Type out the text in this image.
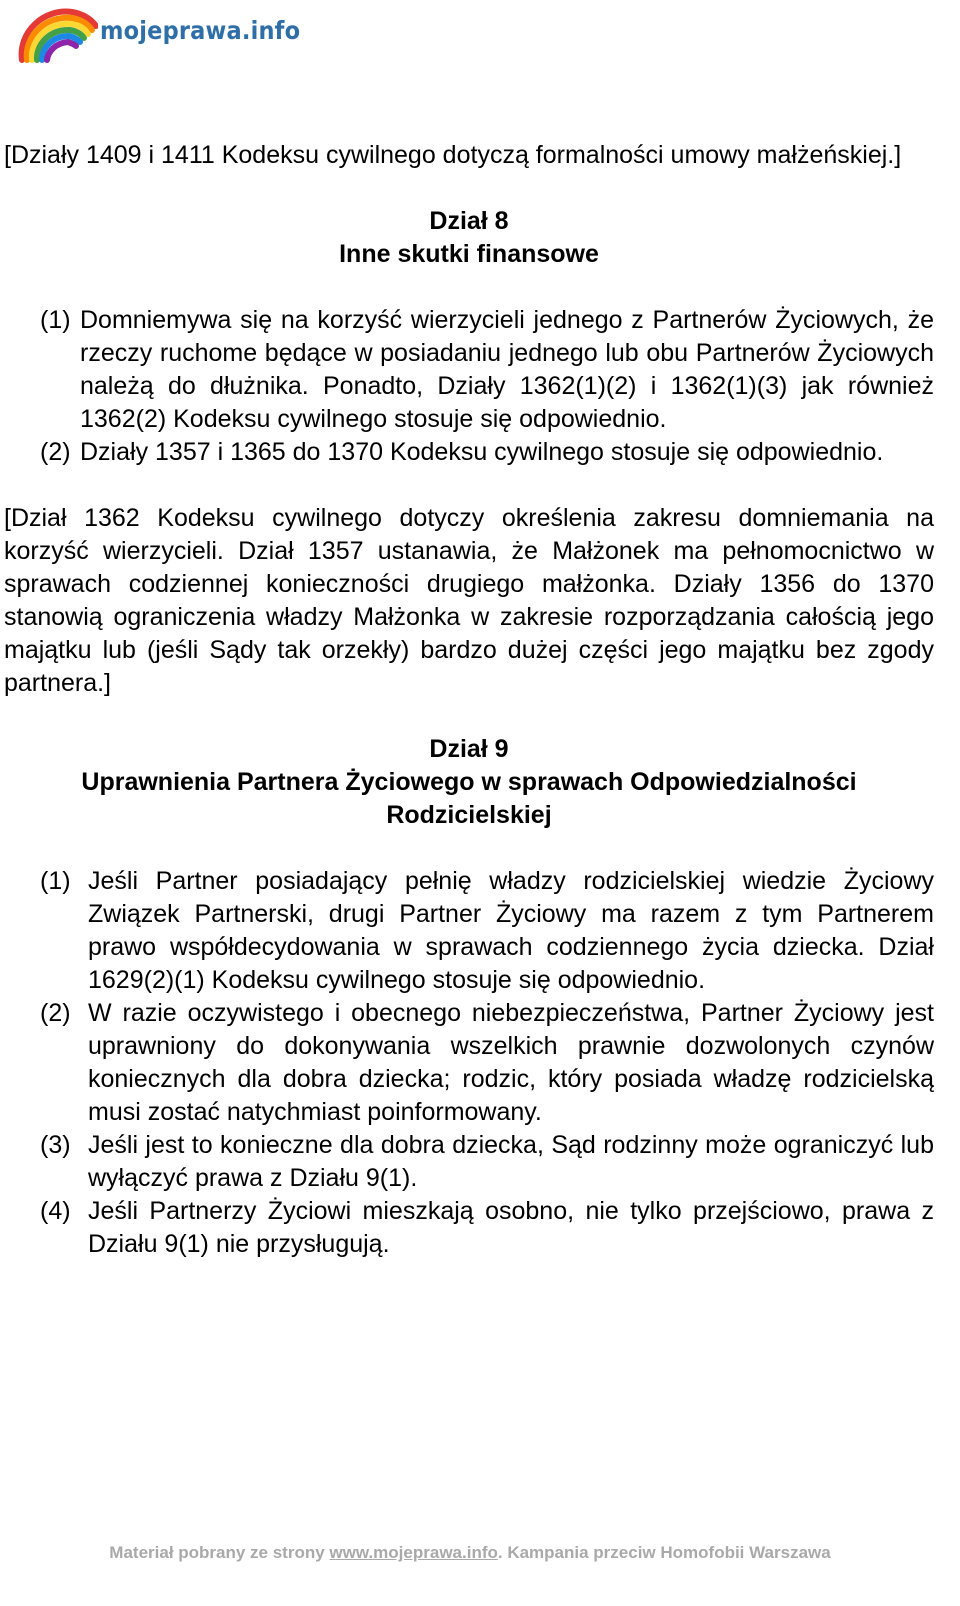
mojeprawa.info

[Działy 1409 i 1411 Kodeksu cywilnego dotyczą formalności umowy małżeńskiej.]

Dział 8

Inne skutki finansowe

(1) Domniemywa się na korzyść wierzycieli jednego z Partnerów Życiowych, że rzeczy ruchome będące w posiadaniu jednego lub obu Partnerów Życiowych należą do dłużnika. Ponadto, Działy 1362(1)(2) i 1362(1)(3) jak również 1362(2) Kodeksu cywilnego stosuje się odpowiednio.
(2) Działy 1357 i 1365 do 1370 Kodeksu cywilnego stosuje się odpowiednio.

[Dział 1362 Kodeksu cywilnego dotyczy określenia zakresu domniemania na korzyść wierzycieli. Dział 1357 ustanawia, że Małżonek ma pełnomocnictwo w sprawach codziennej konieczności drugiego małżonka. Działy 1356 do 1370 stanowią ograniczenia władzy Małżonka w zakresie rozporządzania całością jego majątku lub (jeśli Sądy tak orzekły) bardzo dużej części jego majątku bez zgody partnera.]

Dział 9

Uprawnienia Partnera Życiowego w sprawach Odpowiedzialności

Rodzicielskiej

(1) Jeśli Partner posiadający pełnię władzy rodzicielskiej wiedzie Życiowy Związek Partnerski, drugi Partner Życiowy ma razem z tym Partnerem prawo współdecydowania w sprawach codziennego życia dziecka. Dział 1629(2)(1) Kodeksu cywilnego stosuje się odpowiednio.
(2) W razie oczywistego i obecnego niebezpieczeństwa, Partner Życiowy jest uprawniony do dokonywania wszelkich prawnie dozwolonych czynów koniecznych dla dobra dziecka; rodzic, który posiada władzę rodzicielską musi zostać natychmiast poinformowany.
(3) Jeśli jest to konieczne dla dobra dziecka, Sąd rodzinny może ograniczyć lub wyłączyć prawa z Działu 9(1).
(4) Jeśli Partnerzy Życiowi mieszkają osobno, nie tylko przejściowo, prawa z Działu 9(1) nie przysługują.
Materiał pobrany ze strony www.mojeprawa.info. Kampania przeciw Homofobii Warszawa
